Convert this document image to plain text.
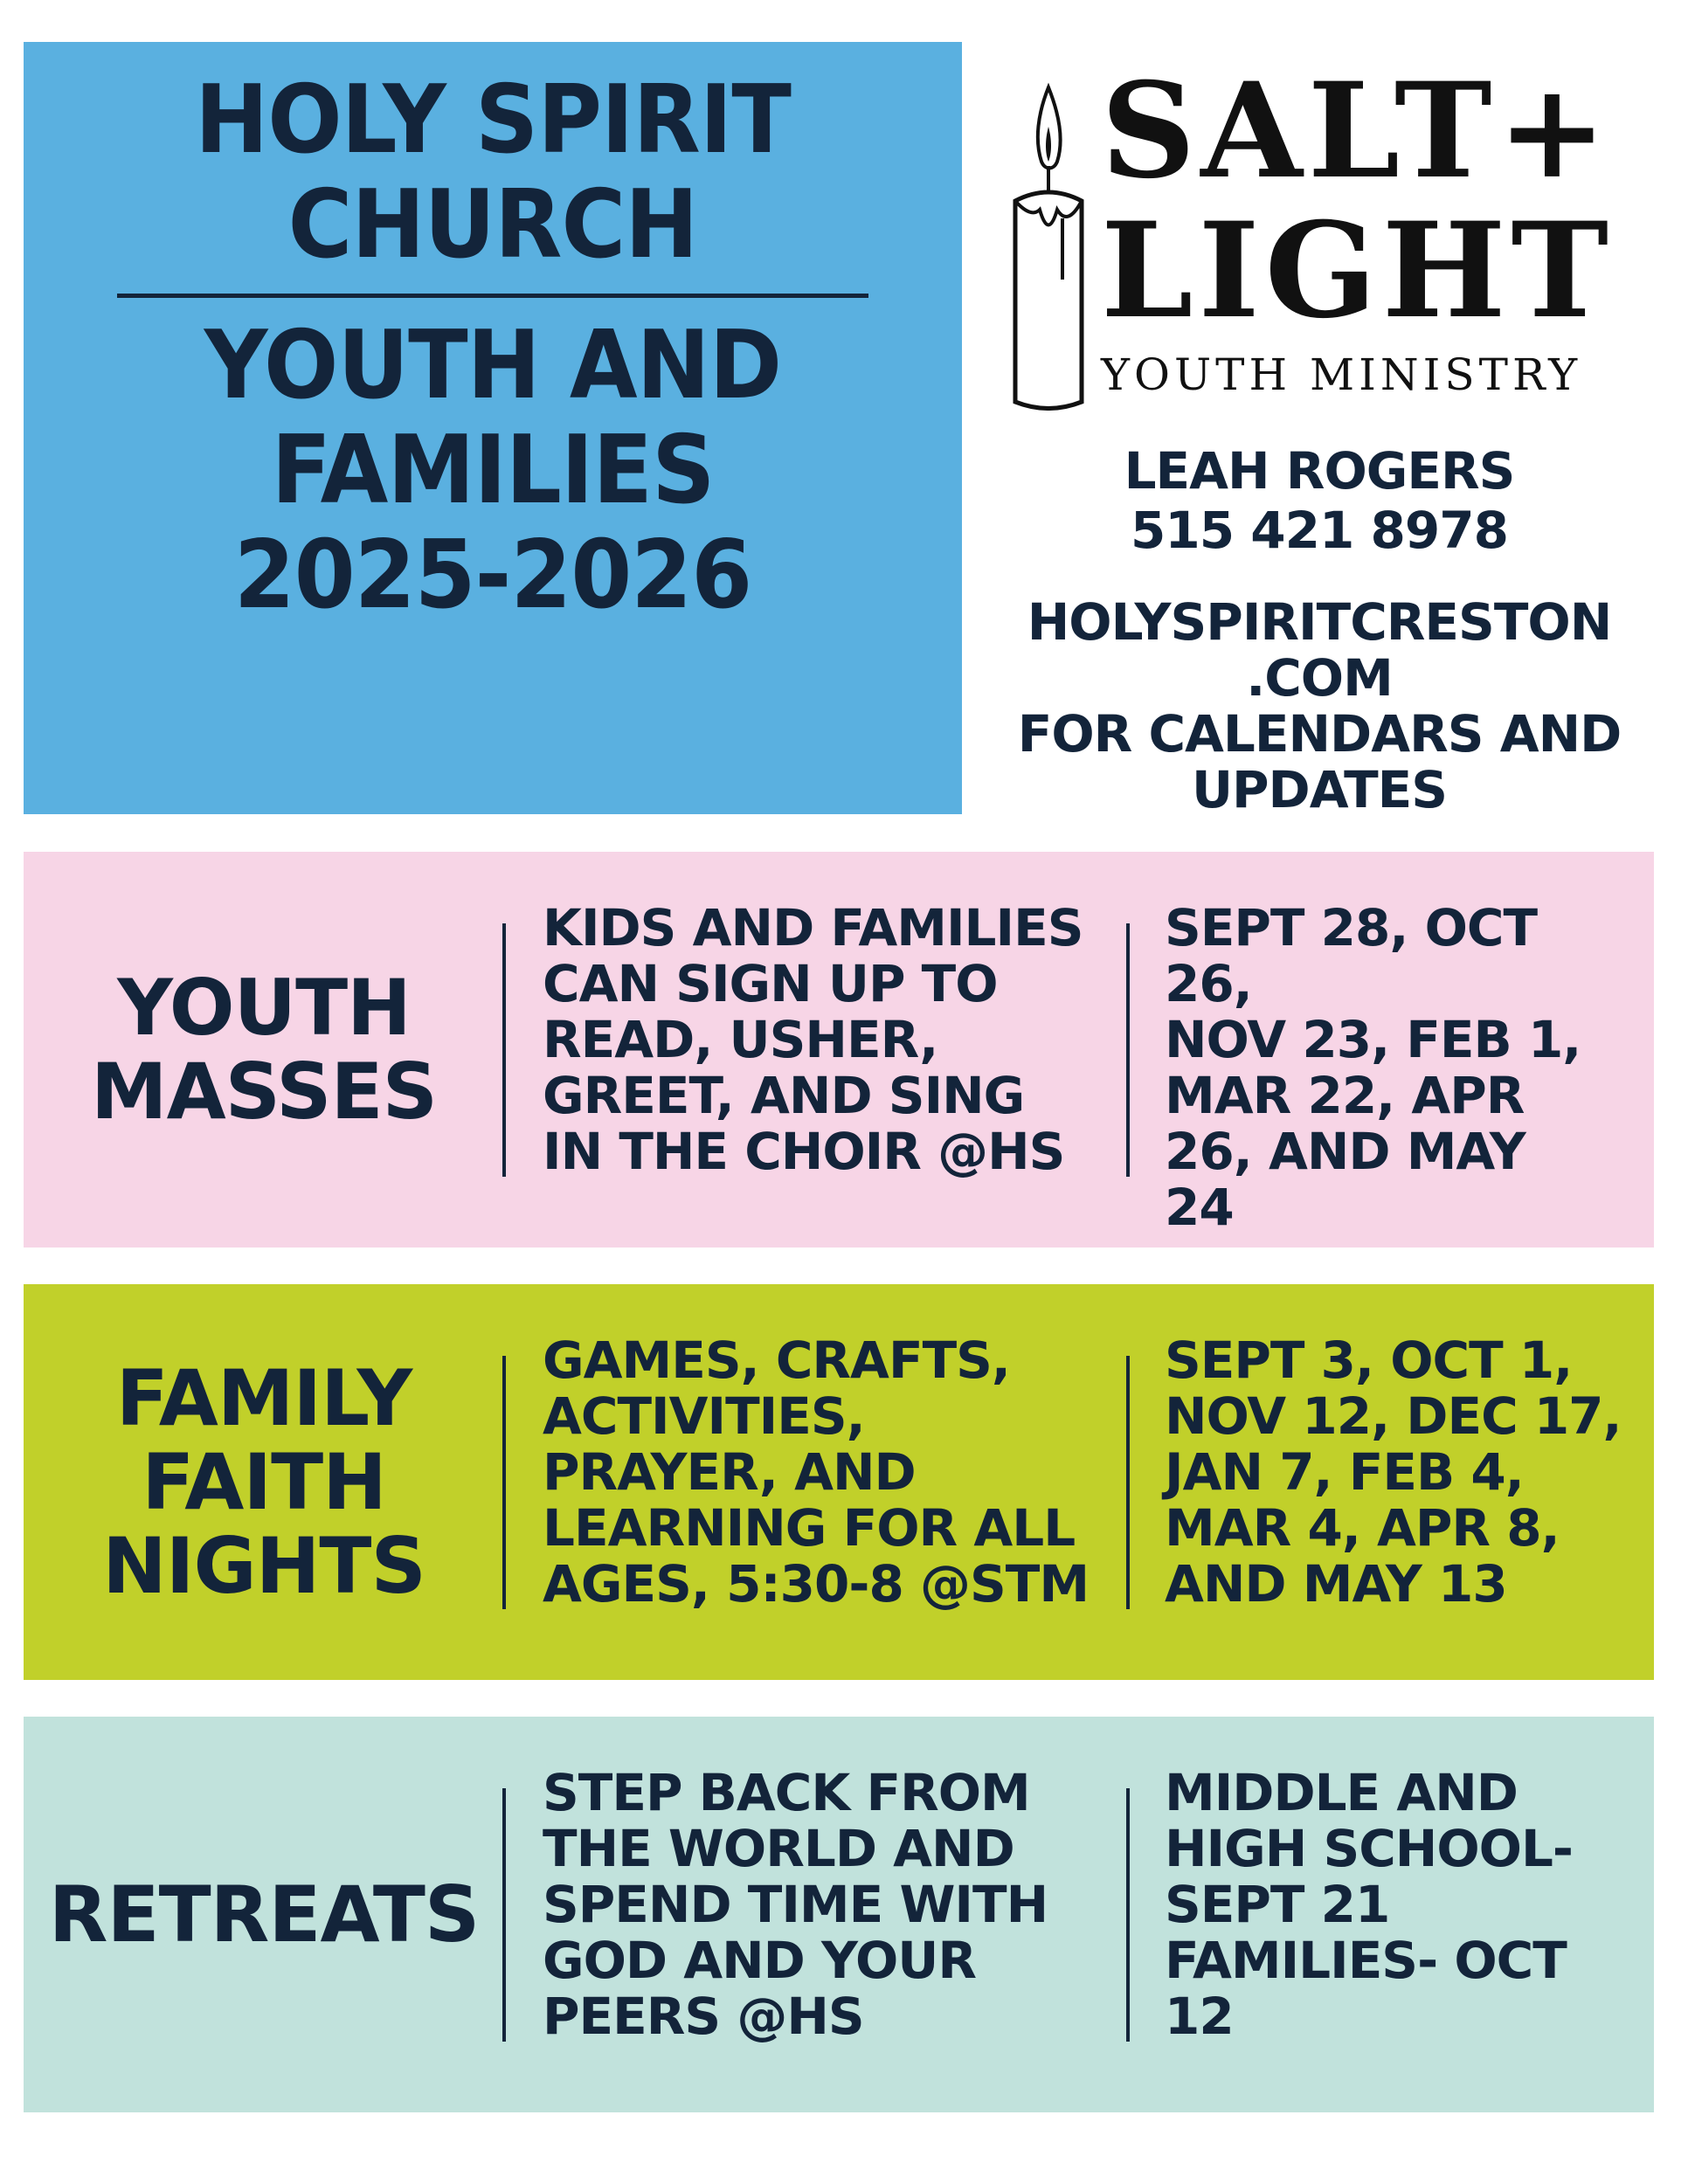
HOLY SPIRIT
CHURCH
YOUTH AND
FAMILIES
2025-2026
SALT+
LIGHT
YOUTH MINISTRY
LEAH ROGERS
515 421 8978
HOLYSPIRITCRESTON
.COM
FOR CALENDARS AND
UPDATES
YOUTH
MASSES
KIDS AND FAMILIES
CAN SIGN UP TO
READ, USHER,
GREET, AND SING
IN THE CHOIR @HS
SEPT 28, OCT 26,
NOV 23, FEB 1,
MAR 22, APR
26, AND MAY
24
FAMILY
FAITH
NIGHTS
GAMES, CRAFTS,
ACTIVITIES,
PRAYER, AND
LEARNING FOR ALL
AGES, 5:30-8 @STM
SEPT 3, OCT 1,
NOV 12, DEC 17,
JAN 7, FEB 4,
MAR 4, APR 8,
AND MAY 13
RETREATS
STEP BACK FROM
THE WORLD AND
SPEND TIME WITH
GOD AND YOUR
PEERS @HS
MIDDLE AND
HIGH SCHOOL-
SEPT 21
FAMILIES- OCT
12
